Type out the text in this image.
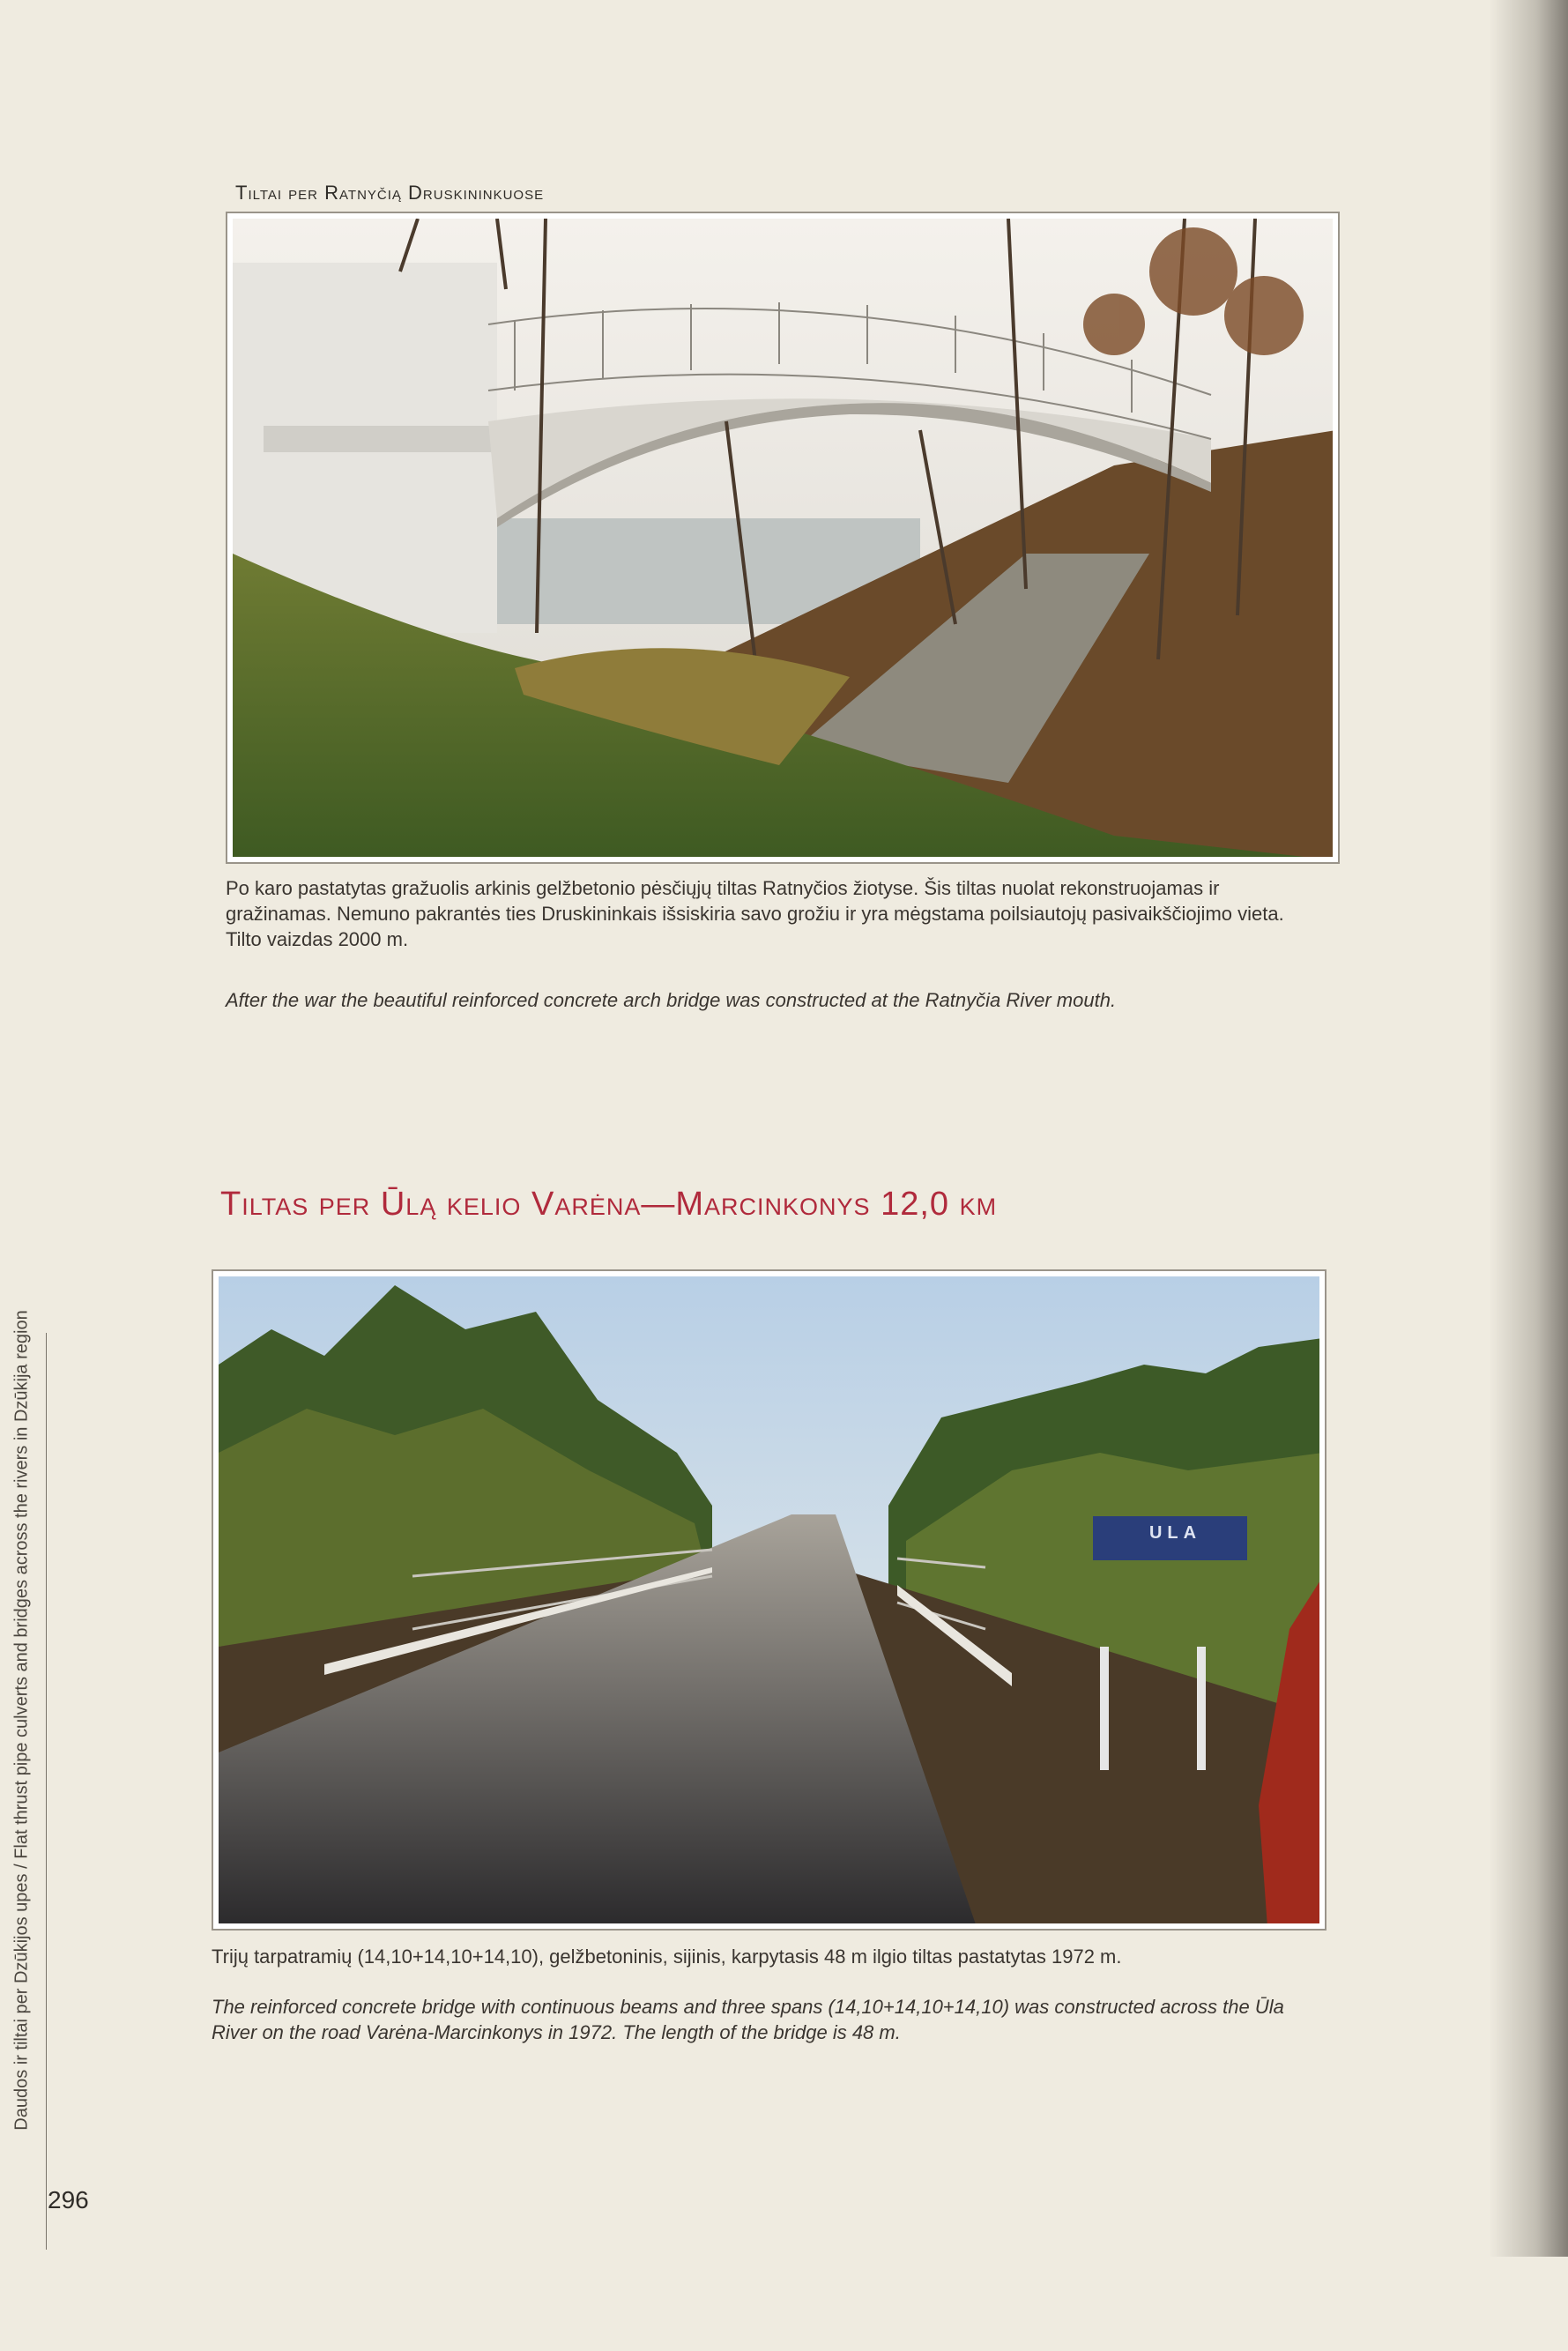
Tiltai per Ratnyčią Druskininkuose
Po karo pastatytas gražuolis arkinis gelžbetonio pėsčiųjų tiltas Ratnyčios žiotyse. Šis tiltas nuolat rekonstruojamas ir gražinamas. Nemuno pakrantės ties Druskininkais išsiskiria savo grožiu ir yra mėgstama poilsiautojų pasivaikščiojimo vieta. Tilto vaizdas 2000 m.
After the war the beautiful reinforced concrete arch bridge was constructed at the Ratnyčia River mouth.
Tiltas per Ūlą kelio Varėna—Marcinkonys 12,0 km
ULA
Trijų tarpatramių (14,10+14,10+14,10), gelžbetoninis, sijinis, karpytasis 48 m ilgio tiltas pastatytas 1972 m.
The reinforced concrete bridge with continuous beams and three spans (14,10+14,10+14,10) was constructed across the Ūla River on the road Varėna-Marcinkonys in 1972. The length of the bridge is 48 m.
Daudos ir tiltai per Dzūkijos upes / Flat thrust pipe culverts and bridges across the rivers in Dzūkija region
296
